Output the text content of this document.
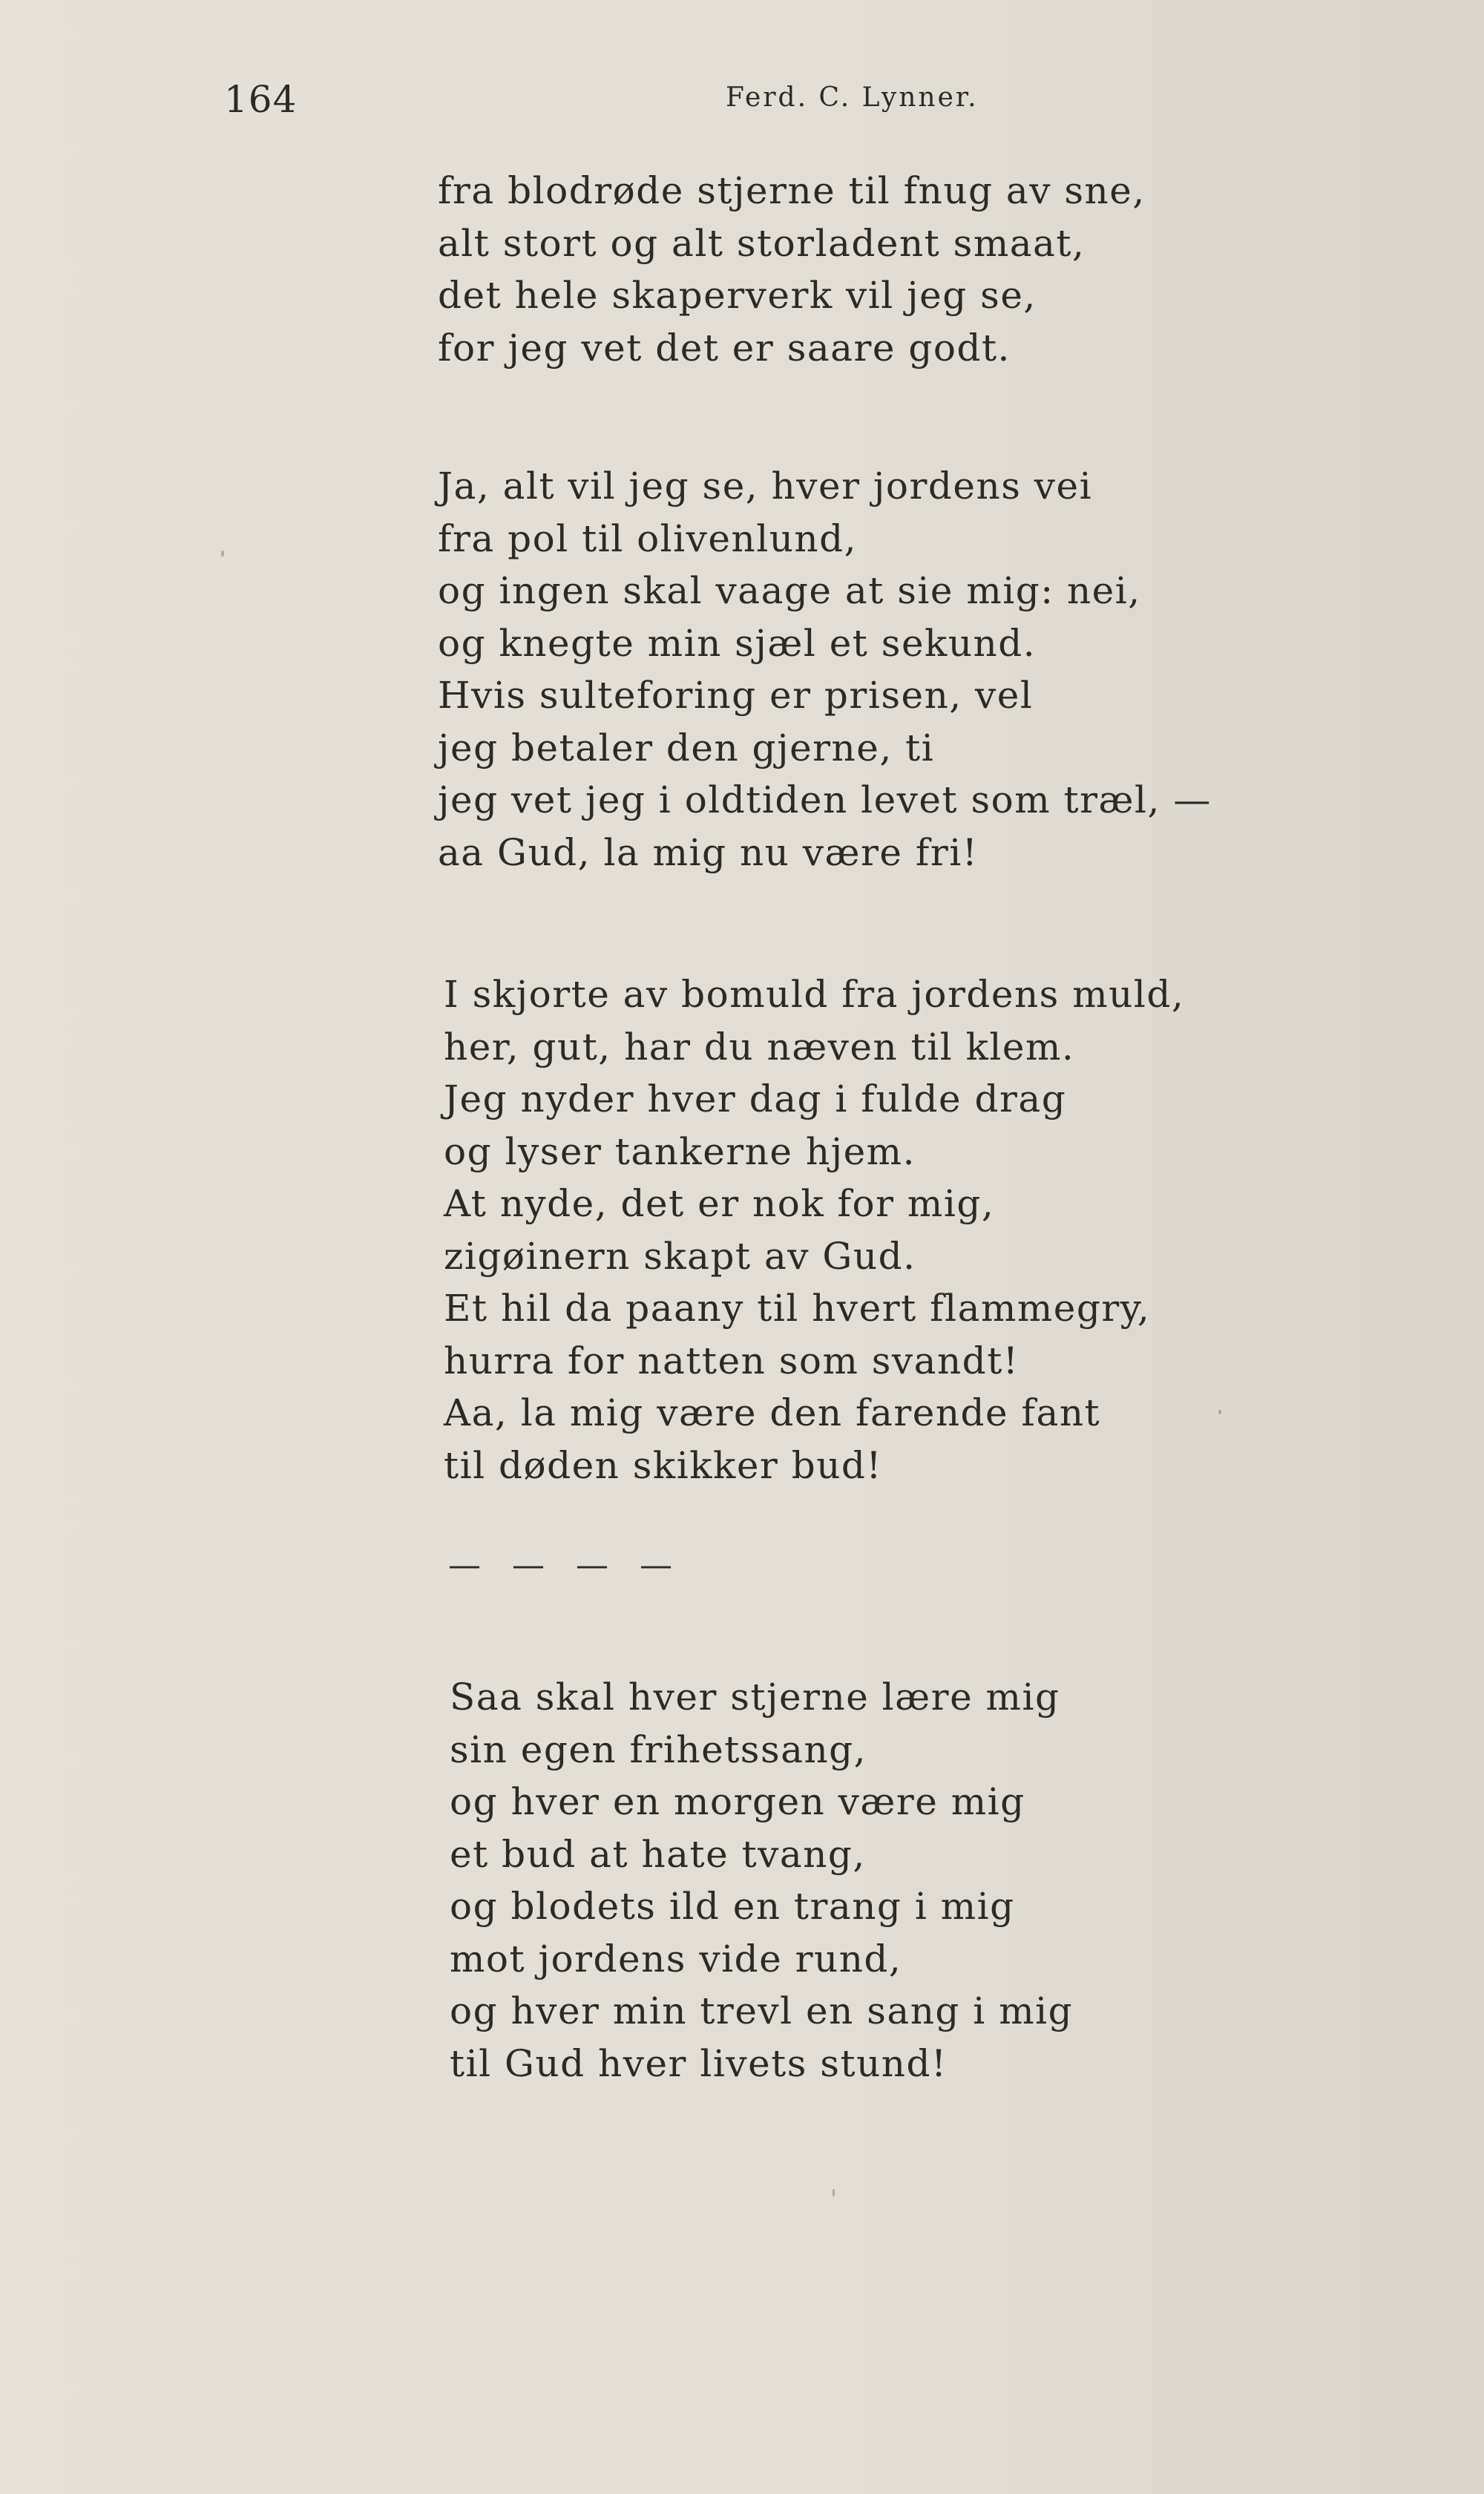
164	Ferd. C. Lynner.
fra blodrøde stjerne til fnug av sne,
alt stort og alt storladent smaat,
det hele skaperverk vil jeg se,
for jeg vet det er saare godt.
Ja, alt vil jeg se, hver jordens vei
fra pol til olivenlund,
og ingen skal vaage at sie mig: nei,
og knegte min sjæl et sekund.
Hvis sulteforing er prisen, vel
jeg betaler den gjerne, ti
jeg vet jeg i oldtiden levet som træl, —
aa Gud, la mig nu være fri!
I skjorte av bomuld fra jordens muld,
her, gut, har du næven til klem.
Jeg nyder hver dag i fulde drag
og lyser tankerne hjem.
At nyde, det er nok for mig,
zigøinern skapt av Gud.
Et hil da paany til hvert flammegry,
hurra for natten som svandt!
Aa, la mig være den farende fant
til døden skikker bud!
— — — —
Saa skal hver stjerne lære mig
sin egen frihetssang,
og hver en morgen være mig
et bud at hate tvang,
og blodets ild en trang i mig
mot jordens vide rund,
og hver min trevl en sang i mig
til Gud hver livets stund!
